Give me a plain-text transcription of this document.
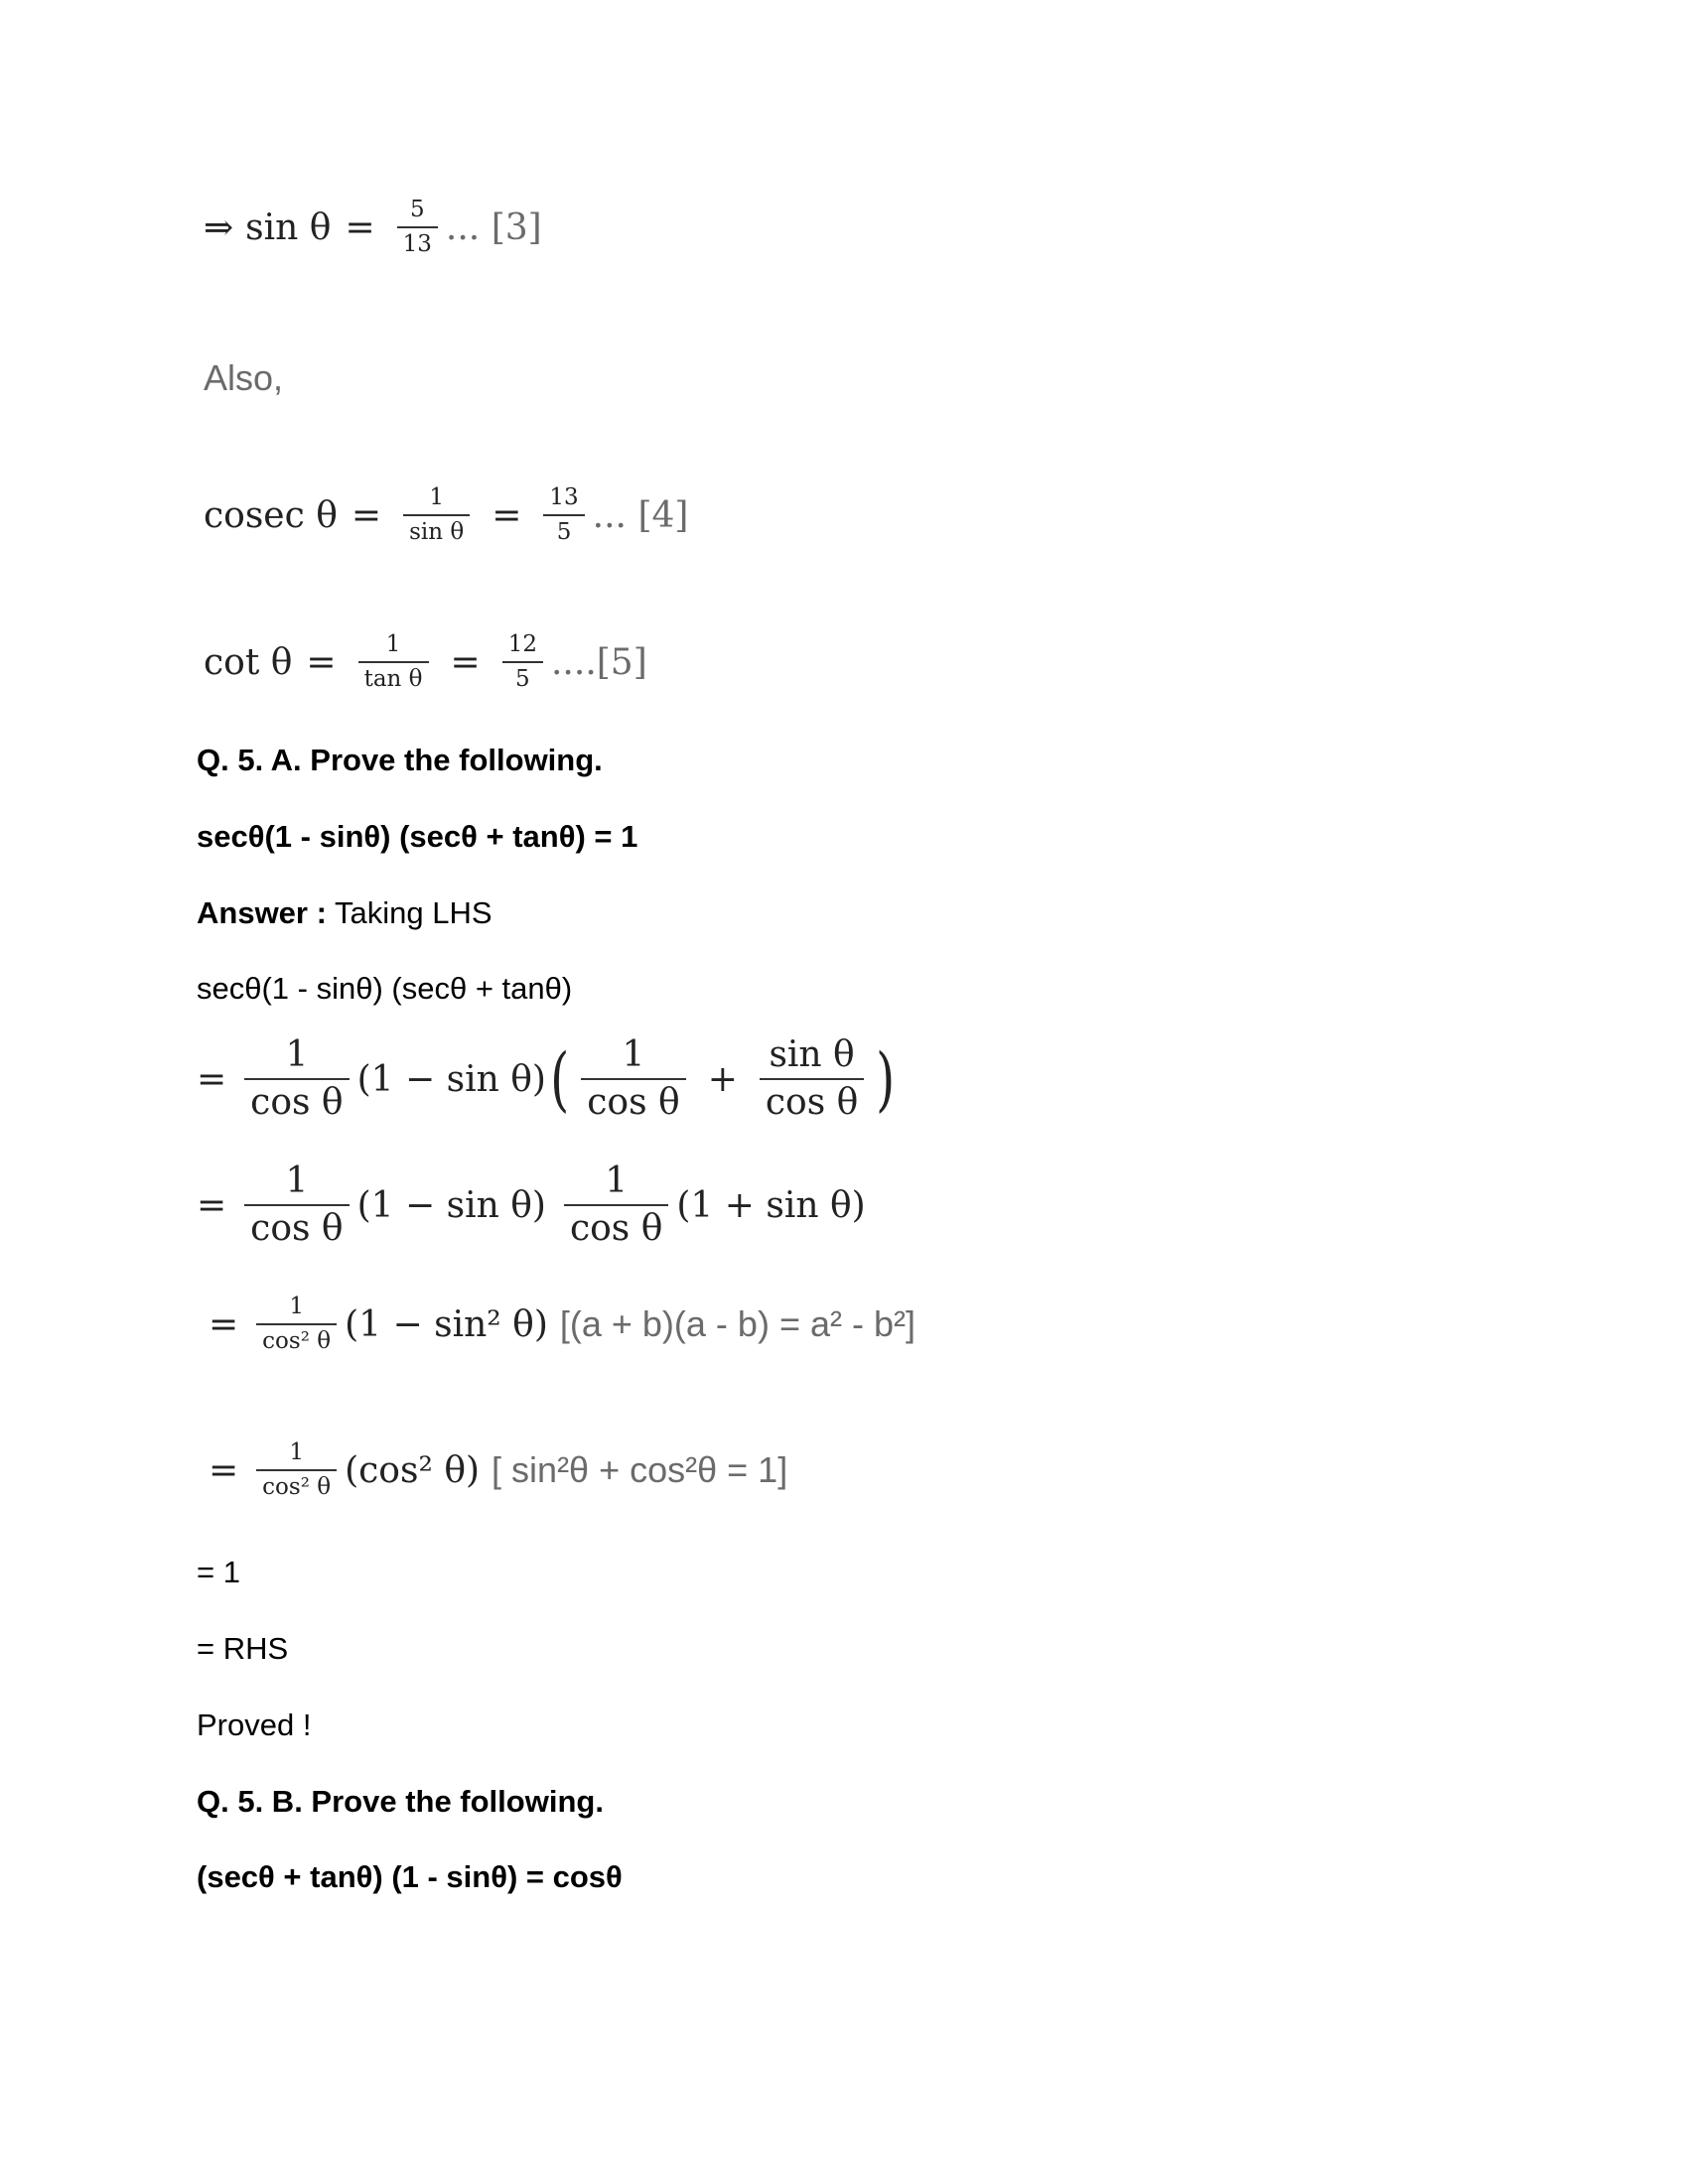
⇒ $\sin \theta = \frac{5}{13}$ ... [3]
Also,
cosec $\theta = \frac{1}{\text{sin θ}} = \frac{13}{5}$ ... [4]
$\cot \theta = \frac{1}{\text{tan θ}} = \frac{12}{5} ....[5]$
Q. 5. A. Prove the following.
secθ(1 - sinθ) (secθ + tanθ) = 1
Answer : Taking LHS
secθ(1 - sinθ) (secθ + tanθ)
= $\frac{1}{\text{cos θ}} (1 - \sin \theta)$ ( $\frac{1}{\text{cos θ}} + \frac{\text{sin θ}}{\text{cos θ}}$ )
= $\frac{1}{\text{cos θ}} (1 - \sin \theta) \frac{1}{\text{cos θ}} (1 + \sin \theta)$
= $\frac{1}{\text{cos² θ}} (1 - \sin^2$ θ) [(a + b)(a - b) = a² - b²]
= $\frac{1}{\text{cos² θ}} (\cos^2$ θ) [ sin²θ + cos²θ = 1]
= 1
= RHS
Proved !
Q. 5. B. Prove the following.
(secθ + tanθ) (1 - sinθ) = cosθ
